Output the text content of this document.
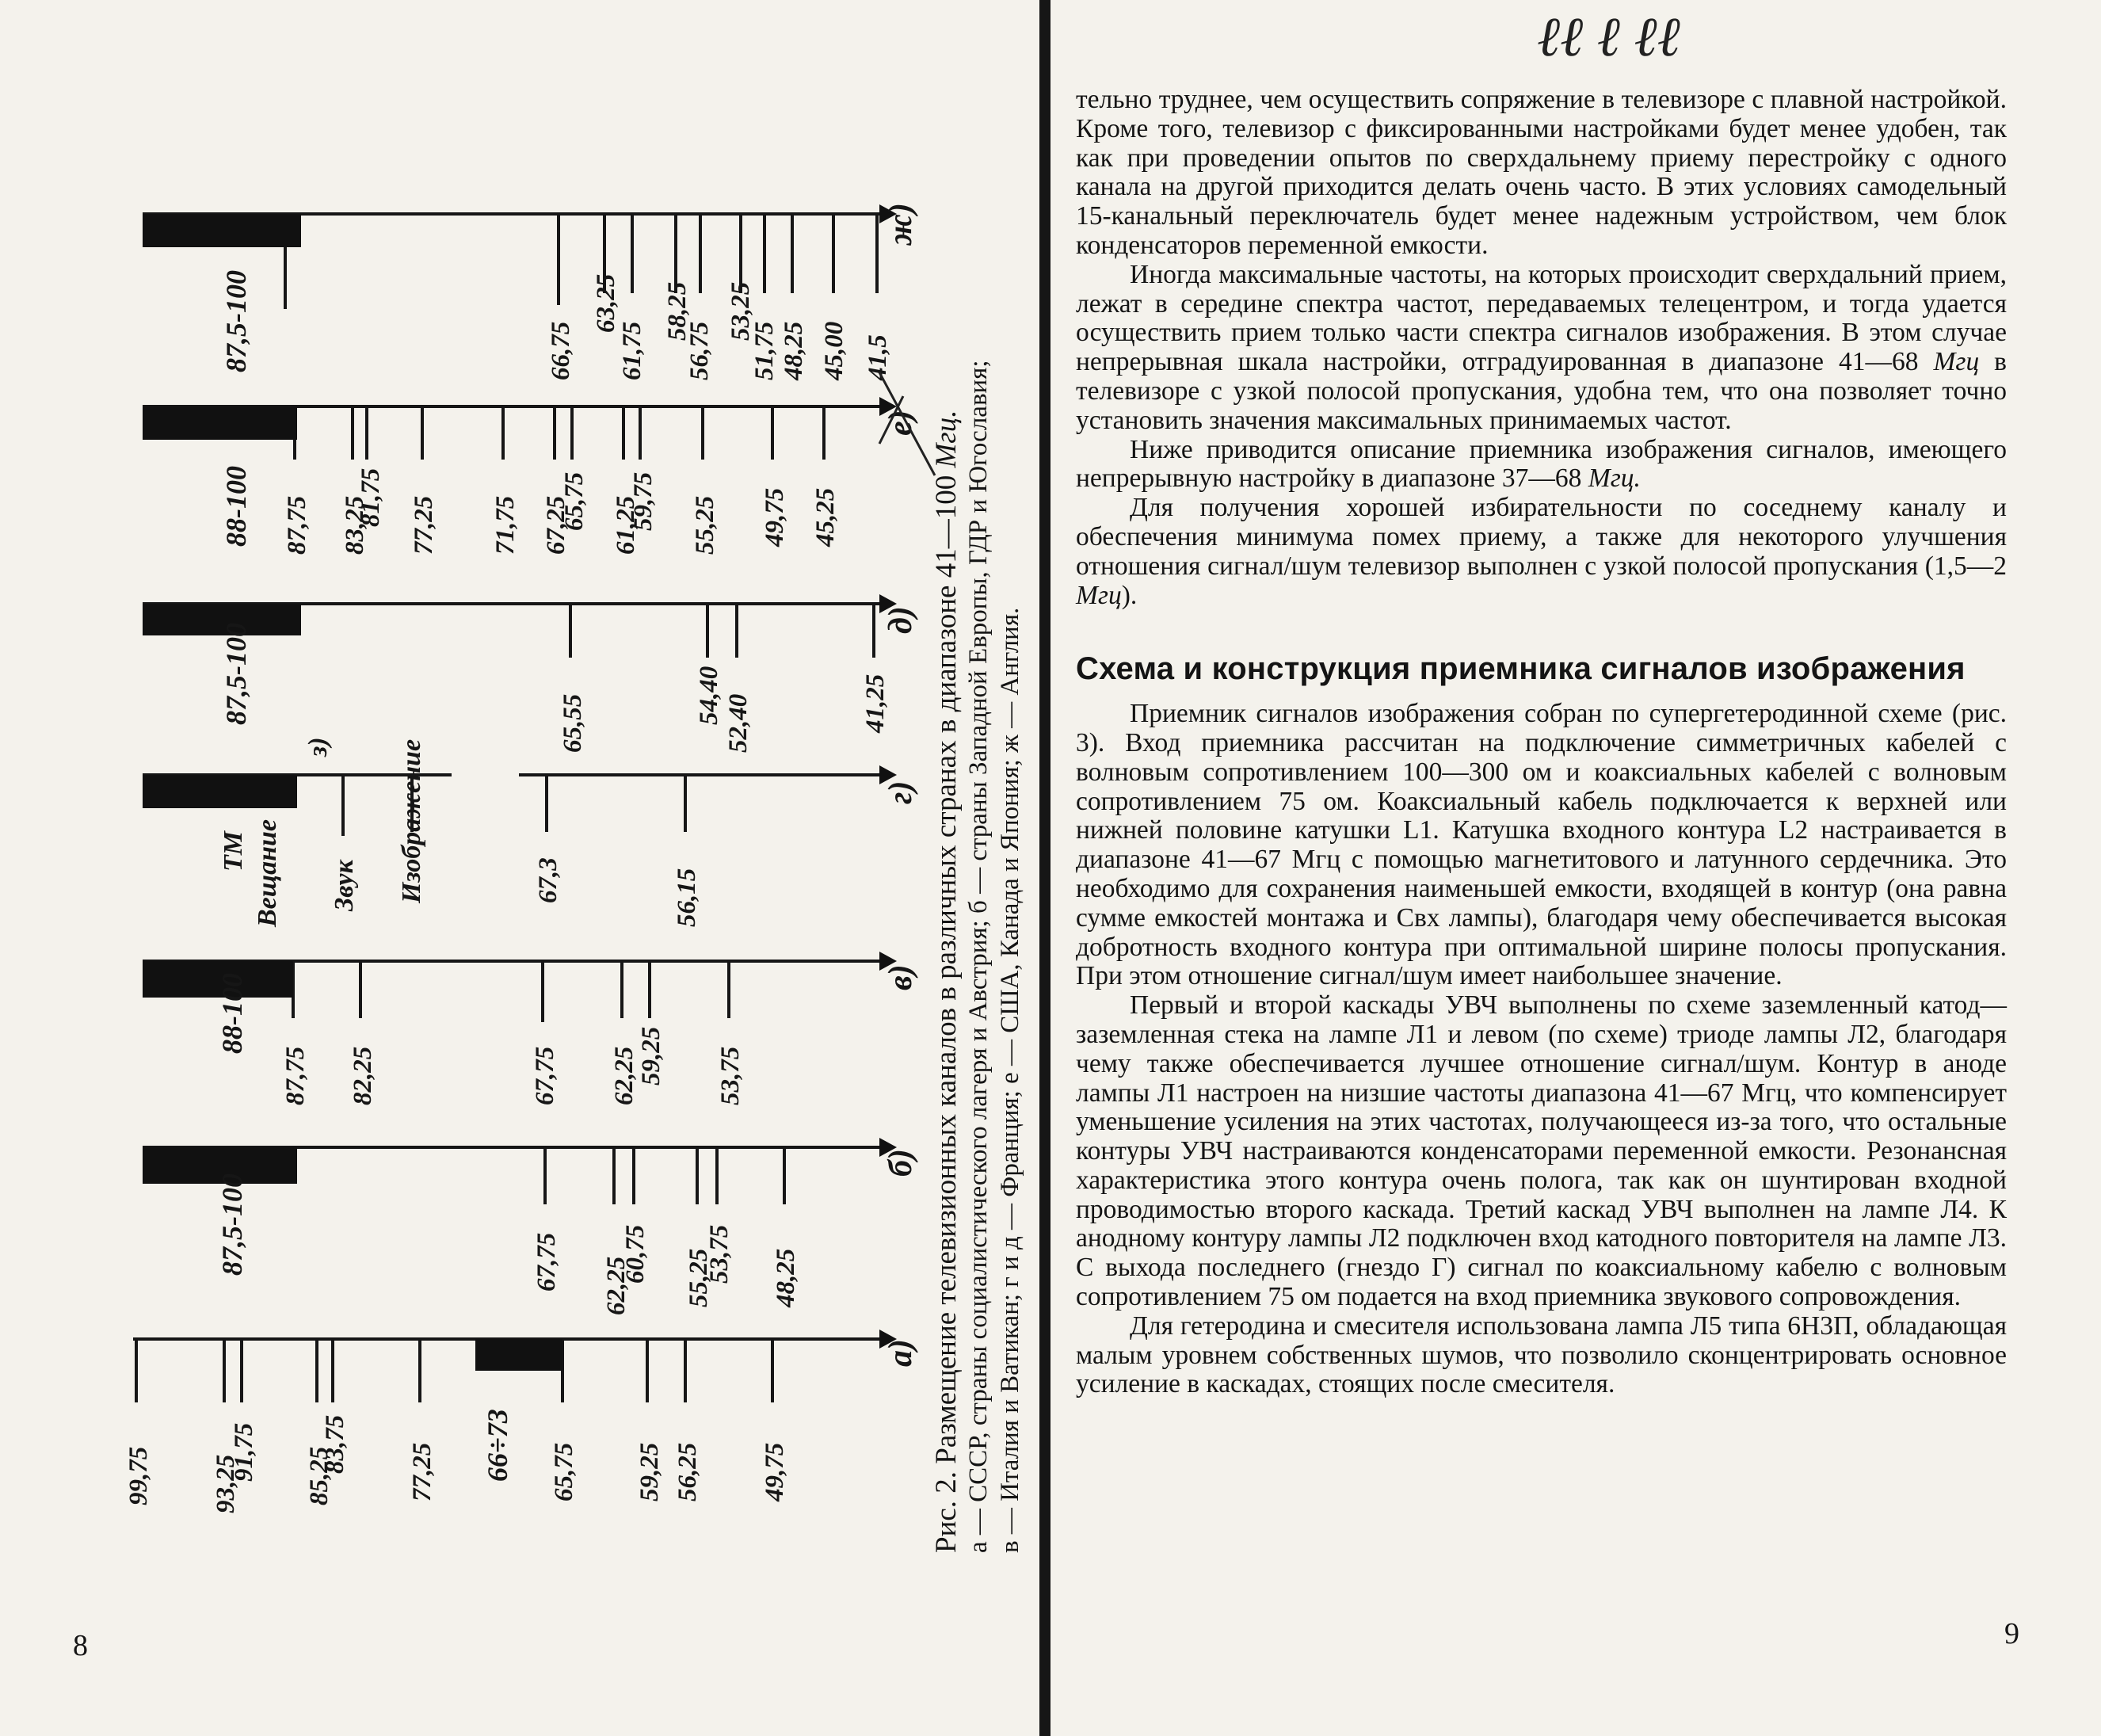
ж)
е)
д)
г)
в)
б)
а)
з)
87,5-100
88-100
87,5-100
88-100
87,5-100
66÷73
ТМ Вещание Звук Изображение
66,75
63,25
61,75
58,25
56,75
53,25
51,75 48,25 45,00 41,5
87,75 83,25
81,75 77,25 71,75 67,25
65,75 61,25
59,75 55,25 49,75 45,25
65,55	54,40 52,40	41,25
67,3	56,15
87,75 82,25	67,75 62,25
59,25 53,75
67,75 62,25
60,75 55,25
53,75 48,25
99,75 93,25
91,75 85,25
83,75 77,25	65,75 59,25 56,25 49,75	Рис. 2. Размещение телевизионных каналов в различных странах в диапазоне 41—100 Мгц. а — СССР, страны социалистического лагеря и Австрия; б — страны Западной Европы, ГДР и Югославия; в — Италия и Ватикан; г и д — Франция; е — США, Канада и Япония; ж — Англия.
ℓℓ ℓ ℓℓ

тельно труднее, чем осуществить сопряжение в телевизоре с плавной настройкой. Кроме того, телевизор с фиксированными настройками будет менее удобен, так как при проведении опытов по сверхдальнему приему перестройку с одного канала на другой приходится делать очень часто. В этих условиях самодельный 15-канальный переключатель будет менее надежным устройством, чем блок конденсаторов переменной емкости.

Иногда максимальные частоты, на которых происходит сверхдальний прием, лежат в середине спектра частот, передаваемых телецентром, и тогда удается осуществить прием только части спектра сигналов изображения. В этом случае непрерывная шкала настройки, отградуированная в диапазоне 41—68 Мгц в телевизоре с узкой полосой пропускания, удобна тем, что она позволяет точно установить значения максимальных принимаемых частот.

Ниже приводится описание приемника изображения сигналов, имеющего непрерывную настройку в диапазоне 37—68 Мгц.

Для получения хорошей избирательности по соседнему каналу и обеспечения минимума помех приему, а также для некоторого улучшения отношения сигнал/шум телевизор выполнен с узкой полосой пропускания (1,5—2 Мгц).

Схема и конструкция приемника сигналов изображения

Приемник сигналов изображения собран по супергетеродинной схеме (рис. 3). Вход приемника рассчитан на подключение симметричных кабелей с волновым сопротивлением 100—300 ом и коаксиальных кабелей с волновым сопротивлением 75 ом. Коаксиальный кабель подключается к верхней или нижней половине катушки L1. Катушка входного контура L2 настраивается в диапазоне 41—67 Мгц с помощью магнетитового и латунного сердечника. Это необходимо для сохранения наименьшей емкости, входящей в контур (она равна сумме емкостей монтажа и Cвх лампы), благодаря чему обеспечивается высокая добротность входного контура при оптимальной ширине полосы пропускания. При этом отношение сигнал/шум имеет наибольшее значение.

Первый и второй каскады УВЧ выполнены по схеме заземленный катод—заземленная стека на лампе Л1 и левом (по схеме) триоде лампы Л2, благодаря чему также обеспечивается лучшее отношение сигнал/шум. Контур в аноде лампы Л1 настроен на низшие частоты диапазона 41—67 Мгц, что компенсирует уменьшение усиления на этих частотах, получающееся из-за того, что остальные контуры УВЧ настраиваются конденсаторами переменной емкости. Резонансная характеристика этого контура очень полога, так как он шунтирован входной проводимостью второго каскада. Третий каскад УВЧ выполнен на лампе Л4. К анодному контуру лампы Л2 подключен вход катодного повторителя на лампе Л3. С выхода последнего (гнездо Г) сигнал по коаксиальному кабелю с волновым сопротивлением 75 ом подается на вход приемника звукового сопровождения.

Для гетеродина и смесителя использована лампа Л5 типа 6Н3П, обладающая малым уровнем собственных шумов, что позволило сконцентрировать основное усиление в каскадах, стоящих после смесителя.

8	9
